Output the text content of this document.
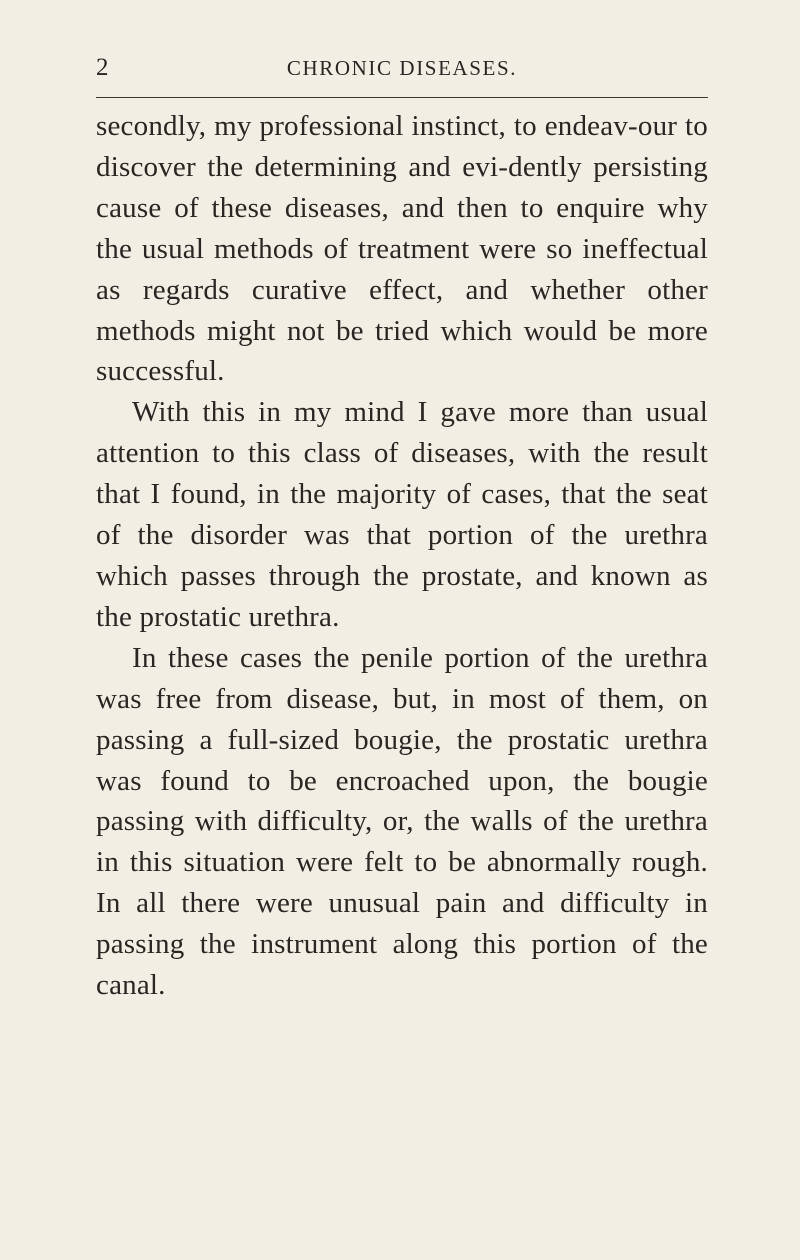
2	CHRONIC DISEASES.

secondly, my professional instinct, to endeav-our to discover the determining and evi-dently persisting cause of these diseases, and then to enquire why the usual methods of treatment were so ineffectual as regards curative effect, and whether other methods might not be tried which would be more successful.

With this in my mind I gave more than usual attention to this class of diseases, with the result that I found, in the majority of cases, that the seat of the disorder was that portion of the urethra which passes through the prostate, and known as the prostatic urethra.

In these cases the penile portion of the urethra was free from disease, but, in most of them, on passing a full-sized bougie, the prostatic urethra was found to be encroached upon, the bougie passing with difficulty, or, the walls of the urethra in this situation were felt to be abnormally rough. In all there were unusual pain and difficulty in passing the instrument along this portion of the canal.
